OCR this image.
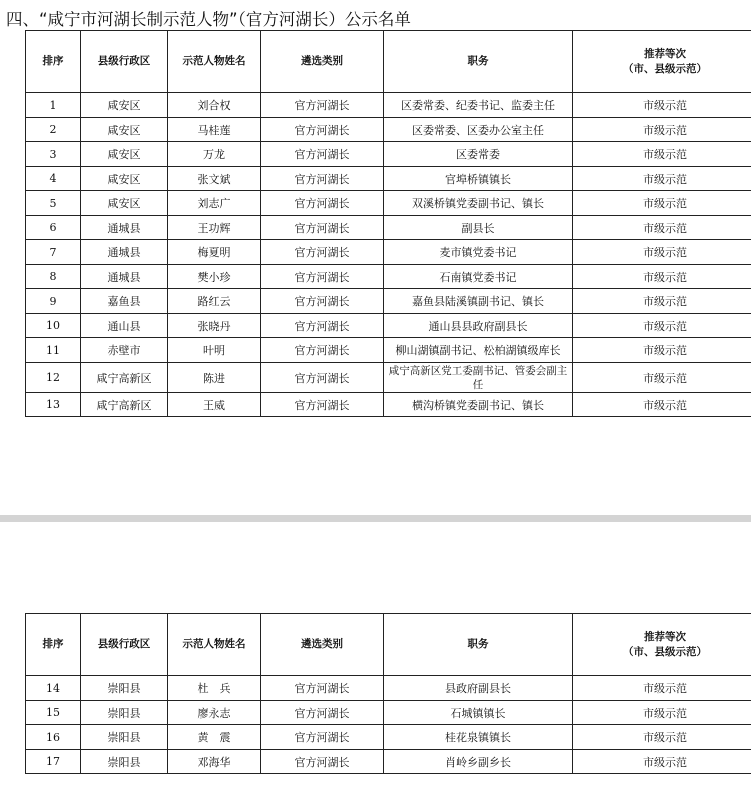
四、“咸宁市河湖长制示范人物”（官方河湖长）公示名单
排序	县级行政区	示范人物姓名	遴选类别	职务	推荐等次
（市、县级示范）

1	咸安区	刘合权	官方河湖长	区委常委、纪委书记、监委主任	市级示范
2	咸安区	马桂莲	官方河湖长	区委常委、区委办公室主任	市级示范
3	咸安区	万龙	官方河湖长	区委常委	市级示范
4	咸安区	张文斌	官方河湖长	官埠桥镇镇长	市级示范
5	咸安区	刘志广	官方河湖长	双溪桥镇党委副书记、镇长	市级示范
6	通城县	王功辉	官方河湖长	副县长	市级示范
7	通城县	梅夏明	官方河湖长	麦市镇党委书记	市级示范
8	通城县	樊小珍	官方河湖长	石南镇党委书记	市级示范
9	嘉鱼县	路红云	官方河湖长	嘉鱼县陆溪镇副书记、镇长	市级示范
10	通山县	张晓丹	官方河湖长	通山县县政府副县长	市级示范
11	赤壁市	叶明	官方河湖长	柳山湖镇副书记、松柏湖镇级库长	市级示范
12	咸宁高新区	陈进	官方河湖长	咸宁高新区党工委副书记、管委会副主任	市级示范
13	咸宁高新区	王威	官方河湖长	横沟桥镇党委副书记、镇长	市级示范
排序	县级行政区	示范人物姓名	遴选类别	职务	推荐等次
（市、县级示范）

14	崇阳县	杜　兵	官方河湖长	县政府副县长	市级示范
15	崇阳县	廖永志	官方河湖长	石城镇镇长	市级示范
16	崇阳县	黄　震	官方河湖长	桂花泉镇镇长	市级示范
17	崇阳县	邓海华	官方河湖长	肖岭乡副乡长	市级示范
